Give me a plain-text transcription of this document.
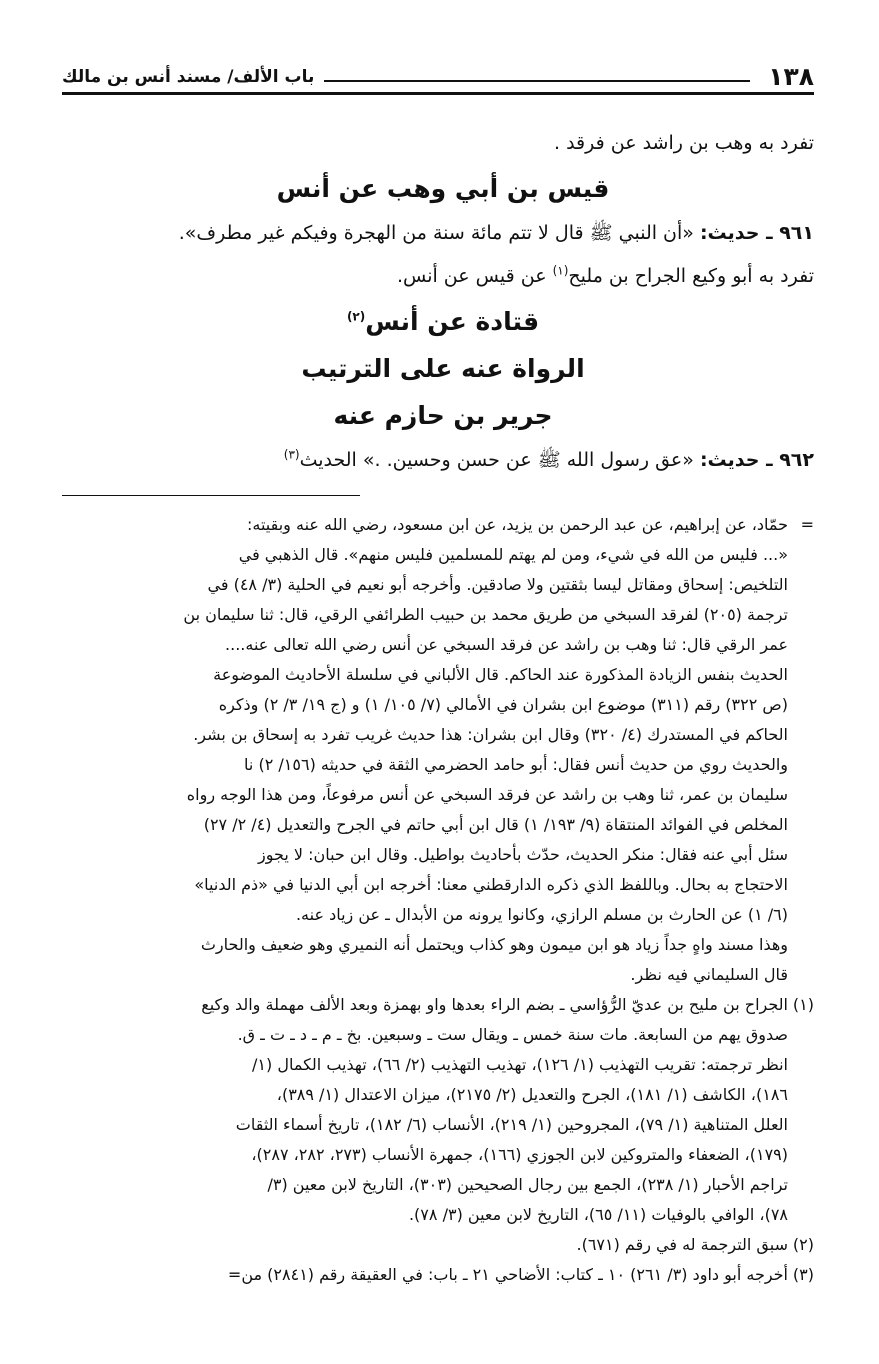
١٣٨
باب الألف/ مسند أنس بن مالك

تفرد به وهب بن راشد عن فرقد .

قيس بن أبي وهب عن أنس

٩٦١ ـ حديث: «أن النبي ﷺ قال لا تتم مائة سنة من الهجرة وفيكم غير مطرف».

تفرد به أبو وكيع الجراح بن مليح$^{(١)}$ عن قيس عن أنس.

قتادة عن أنس$^{(٢)}$

الرواة عنه على الترتيب

جرير بن حازم عنه

٩٦٢ ـ حديث: «عق رسول الله ﷺ عن حسن وحسين. .» الحديث$^{(٣)}$

=
حمّاد، عن إبراهيم، عن عبد الرحمن بن يزيد، عن ابن مسعود، رضي الله عنه وبقيته:
«... فليس من الله في شيء، ومن لم يهتم للمسلمين فليس منهم». قال الذهبي في
التلخيص: إسحاق ومقاتل ليسا بثقتين ولا صادقين. وأخرجه أبو نعيم في الحلية (٣/ ٤٨) في
ترجمة (٢٠٥) لفرقد السبخي من طريق محمد بن حبيب الطرائفي الرقي، قال: ثنا سليمان بن
عمر الرقي قال: ثنا وهب بن راشد عن فرقد السبخي عن أنس رضي الله تعالى عنه....
الحديث بنفس الزيادة المذكورة عند الحاكم. قال الألباني في سلسلة الأحاديث الموضوعة
(ص ٣٢٢) رقم (٣١١) موضوع ابن بشران في الأمالي (٧/ ١٠٥/ ١) و (ج ١٩/ ٣/ ٢) وذكره
الحاكم في المستدرك (٤/ ٣٢٠) وقال ابن بشران: هذا حديث غريب تفرد به إسحاق بن بشر.
والحديث روي من حديث أنس فقال: أبو حامد الحضرمي الثقة في حديثه (١٥٦/ ٢) نا
سليمان بن عمر، ثنا وهب بن راشد عن فرقد السبخي عن أنس مرفوعاً، ومن هذا الوجه رواه
المخلص في الفوائد المنتقاة (٩/ ١٩٣/ ١) قال ابن أبي حاتم في الجرح والتعديل (٤/ ٢/ ٢٧)
سئل أبي عنه فقال: منكر الحديث، حدّث بأحاديث بواطيل. وقال ابن حبان: لا يجوز
الاحتجاج به بحال. وباللفظ الذي ذكره الدارقطني معنا: أخرجه ابن أبي الدنيا في «ذم الدنيا»
(٦/ ١) عن الحارث بن مسلم الرازي، وكانوا يرونه من الأبدال ـ عن زياد عنه.
وهذا مسند واهٍ جداً زياد هو ابن ميمون وهو كذاب ويحتمل أنه النميري وهو ضعيف والحارث
قال السليماني فيه نظر.
(١)
الجراح بن مليح بن عديّ الرُّؤاسي ـ بضم الراء بعدها واو بهمزة وبعد الألف مهملة والد وكيع
صدوق يهم من السابعة. مات سنة خمس ـ ويقال ست ـ وسبعين. بخ ـ م ـ د ـ ت ـ ق.
انظر ترجمته: تقريب التهذيب (١/ ١٢٦)، تهذيب التهذيب (٢/ ٦٦)، تهذيب الكمال (١/
١٨٦)، الكاشف (١/ ١٨١)، الجرح والتعديل (٢/ ٢١٧٥)، ميزان الاعتدال (١/ ٣٨٩)،
العلل المتناهية (١/ ٧٩)، المجروحين (١/ ٢١٩)، الأنساب (٦/ ١٨٢)، تاريخ أسماء الثقات
(١٧٩)، الضعفاء والمتروكين لابن الجوزي (١٦٦)، جمهرة الأنساب (٢٧٣، ٢٨٢، ٢٨٧)،
تراجم الأحبار (١/ ٢٣٨)، الجمع بين رجال الصحيحين (٣٠٣)، التاريخ لابن معين (٣/
٧٨)، الوافي بالوفيات (١١/ ٦٥)، التاريخ لابن معين (٣/ ٧٨).
(٢)
سبق الترجمة له في رقم (٦٧١).
(٣)
أخرجه أبو داود (٣/ ٢٦١) ١٠ ـ كتاب: الأضاحي ٢١ ـ باب: في العقيقة رقم (٢٨٤١) من=
